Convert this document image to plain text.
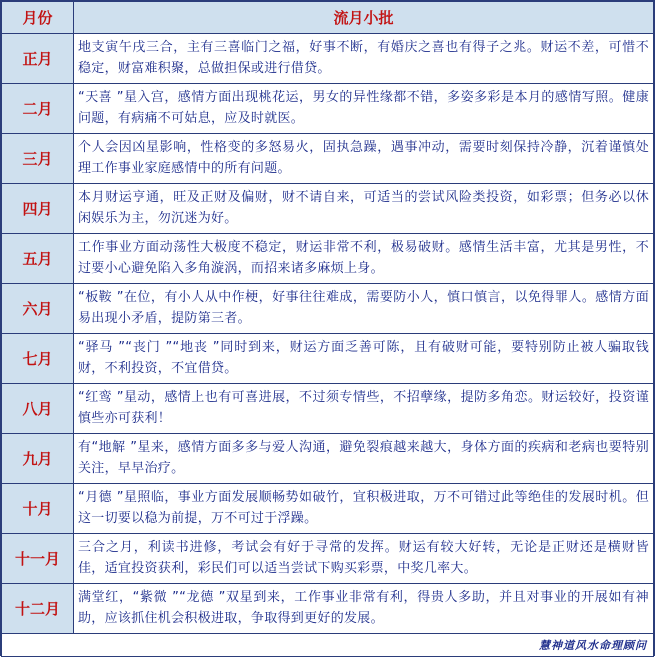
月份	流月小批
正月	地支寅午戌三合，主有三喜临门之福，好事不断，有婚庆之喜也有得子之兆。财运不差，可惜不稳定，财富难积聚，总做担保或进行借贷。
二月	“天喜 ”星入宫，感情方面出现桃花运，男女的异性缘都不错，多姿多彩是本月的感情写照。健康问题，有病痛不可姑息，应及时就医。
三月	个人会因凶星影响，性格变的多怒易火，固执急躁，遇事冲动，需要时刻保持冷静，沉着谨慎处理工作事业家庭感情中的所有问题。
四月	本月财运亨通，旺及正财及偏财，财不请自来，可适当的尝试风险类投资，如彩票；但务必以休闲娱乐为主，勿沉迷为好。
五月	工作事业方面动荡性大极度不稳定，财运非常不利，极易破财。感情生活丰富，尤其是男性，不过要小心避免陷入多角漩涡，而招来诸多麻烦上身。
六月	“板鞍 ”在位，有小人从中作梗，好事往往难成，需要防小人，慎口慎言，以免得罪人。感情方面易出现小矛盾，提防第三者。
七月	“驿马 ”“丧门 ”“地丧 ”同时到来，财运方面乏善可陈，且有破财可能，要特别防止被人骗取钱财，不利投资，不宜借贷。
八月	“红鸾 ”星动，感情上也有可喜进展，不过须专情些，不招孽缘，提防多角恋。财运较好，投资谨慎些亦可获利！
九月	有“地解 ”星来，感情方面多多与爱人沟通，避免裂痕越来越大，身体方面的疾病和老病也要特别关注，早早治疗。
十月	“月德 ”星照临，事业方面发展顺畅势如破竹，宜积极进取，万不可错过此等绝佳的发展时机。但这一切要以稳为前提，万不可过于浮躁。
十一月	三合之月，利读书进修，考试会有好于寻常的发挥。财运有较大好转，无论是正财还是横财皆佳，适宜投资获利，彩民们可以适当尝试下购买彩票，中奖几率大。
十二月	满堂红，“紫微 ”“龙德 ”双星到来，工作事业非常有利，得贵人多助，并且对事业的开展如有神助，应该抓住机会积极进取，争取得到更好的发展。

慧神道风水命理顾问	
